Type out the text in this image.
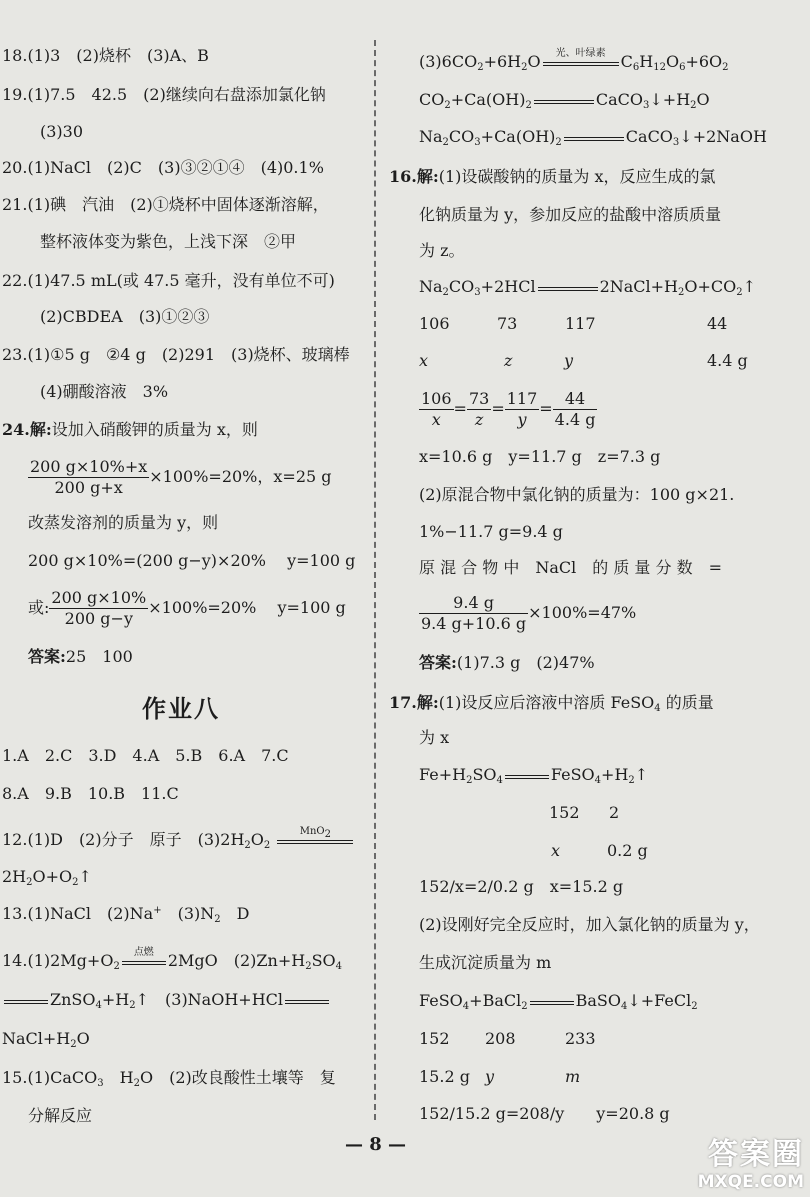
18.(1)3　(2)烧杯　(3)A、B
19.(1)7.5　42.5　(2)继续向右盘添加氯化钠
(3)30
20.(1)NaCl　(2)C　(3)③②①④　(4)0.1%
21.(1)碘　汽油　(2)①烧杯中固体逐渐溶解，
整杯液体变为紫色，上浅下深　②甲
22.(1)47.5 mL(或 47.5 毫升，没有单位不可)
(2)CBDEA　(3)①②③
23.(1)①5 g　②4 g　(2)291　(3)烧杯、玻璃棒
(4)硼酸溶液　3%
24.解:设加入硝酸钾的质量为 x，则
$\frac{200 g\times 10\%+x}{200 g+x} \times 100\%=20\%$，x=25 g
改蒸发溶剂的质量为 y，则
200 g×10%=(200 g−y)×20%　 y=100 g
或: $\frac{200 g\times 10\%}{200 g-y} \times 100\%=20\%$　 y=100 g
答案:25　100
作业八
1.A　2.C　3.D　4.A　5.B　6.A　7.C
8.A　9.B　10.B　11.C
12.(1)D　(2)分子　原子　$(3)2H_2O_2$
MnO$_2$
$2H_2O+O_2↑$
13.(1)NaCl　(2)Na+　$(3)N_2$　D
$14.(1)2Mg+O_2$
点燃 2MgO　$(2)Zn+H_2SO_4$
$ZnSO_4+H_2↑$　(3)NaOH+HCl
$NaCl+H_2O$
15.(1)CaCO$_3$　$H_2O$　(2)改良酸性土壤等　复
分解反应
$(3)6CO_2+6H_2O$	光、叶绿素 $C_6H_{12}O_6+6O_2$
$CO_2+Ca(OH)_2$	$CaCO_3↓+H_2O$
$Na_2CO_3+Ca(OH)_2$	CaCO$_3$↓+2NaOH
16.解:(1)设碳酸钠的质量为 x，反应生成的氯
化钠质量为 y，参加反应的盐酸中溶质质量
为 z。
$Na_2CO_3+2HCl$	$2NaCl+H_2O+CO_2↑$
106	73	117	44
x	z	y	4.4 g
$\frac{106}{x} = \frac{73}{z} = \frac{117}{y} = \frac{44}{4.4 g}$
x=10.6 g　y=11.7 g　z=7.3 g
(2)原混合物中氯化钠的质量为：100 g×21.
1%−11.7 g=9.4 g
原 混 合 物 中　NaCl　的 质 量 分 数　=
$\frac{9.4 g}{9.4 g+10.6 g} \times 100\%=47\%$
答案:(1)7.3 g　(2)47%
17.解:(1)设反应后溶液中溶质 FeSO$_4$ 的质量
为 x
$Fe+H_2SO_4$	$FeSO_4+H_2↑$
152 2
x	0.2 g
152/x=2/0.2 g　x=15.2 g
(2)设刚好完全反应时，加入氯化钠的质量为 y，
生成沉淀质量为 m
FeSO$_4$+BaCl$_2$	BaSO$_4$↓+FeCl$_2$
152 208	233
15.2 g y	m
152/15.2 g=208/y　　y=20.8 g
— 8 —	答案圈
MXQE.COM
